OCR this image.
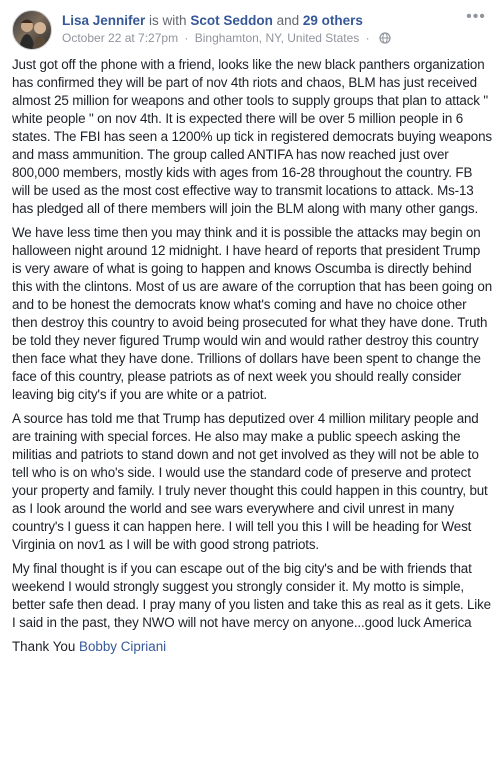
Lisa Jennifer is with Scot Seddon and 29 others
October 22 at 7:27pm · Binghamton, NY, United States ·
•••

Just got off the phone with a friend, looks like the new black panthers organization has confirmed they will be part of nov 4th riots and chaos, BLM has just received almost 25 million for weapons and other tools to supply groups that plan to attack " white people " on nov 4th. It is expected there will be over 5 million people in 6 states. The FBI has seen a 1200% up tick in registered democrats buying weapons and mass ammunition. The group called ANTIFA has now reached just over 800,000 members, mostly kids with ages from 16-28 throughout the country. FB will be used as the most cost effective way to transmit locations to attack. Ms-13 has pledged all of there members will join the BLM along with many other gangs.

We have less time then you may think and it is possible the attacks may begin on halloween night around 12 midnight. I have heard of reports that president Trump is very aware of what is going to happen and knows Oscumba is directly behind this with the clintons. Most of us are aware of the corruption that has been going on and to be honest the democrats know what's coming and have no choice other then destroy this country to avoid being prosecuted for what they have done. Truth be told they never figured Trump would win and would rather destroy this country then face what they have done. Trillions of dollars have been spent to change the face of this country, please patriots as of next week you should really consider leaving big city's if you are white or a patriot.

A source has told me that Trump has deputized over 4 million military people and are training with special forces. He also may make a public speech asking the militias and patriots to stand down and not get involved as they will not be able to tell who is on who's side. I would use the standard code of preserve and protect your property and family. I truly never thought this could happen in this country, but as I look around the world and see wars everywhere and civil unrest in many country's I guess it can happen here. I will tell you this I will be heading for West Virginia on nov1 as I will be with good strong patriots.

My final thought is if you can escape out of the big city's and be with friends that weekend I would strongly suggest you strongly consider it. My motto is simple, better safe then dead. I pray many of you listen and take this as real as it gets. Like I said in the past, they NWO will not have mercy on anyone...good luck America

Thank You Bobby Cipriani
